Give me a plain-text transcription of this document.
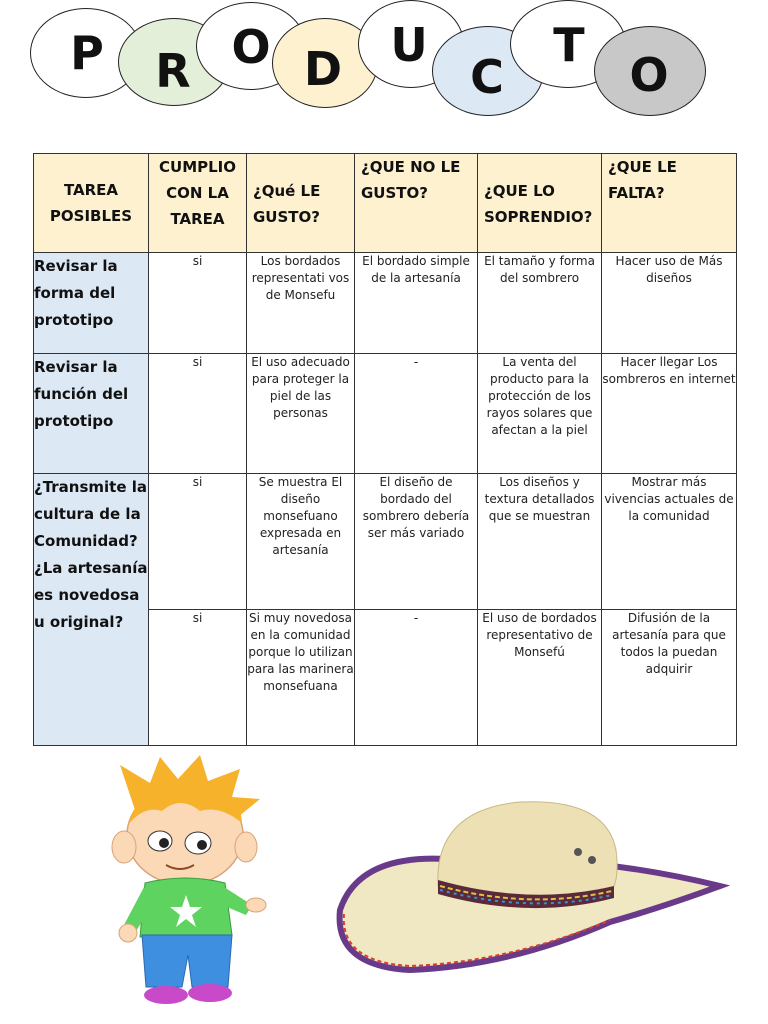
P R O D U
C
T
O
TAREA POSIBLES	CUMPLIO CON LA TAREA	¿Qué LE GUSTO?	¿QUE NO LE GUSTO?	¿QUE LO SOPRENDIO?	¿QUE LE FALTA?

Revisar la forma del prototipo	si	Los bordados representati vos de Monsefu	El bordado simple de la artesanía	El tamaño y forma del sombrero	Hacer uso de Más diseños
Revisar la función del prototipo	si	El uso adecuado para proteger la piel de las personas	-	La venta del producto para la protección de los rayos solares que afectan a la piel	Hacer llegar Los sombreros en internet
¿Transmite la cultura de la Comunidad? ¿La artesanía es novedosa u original?	si	Se muestra El diseño monsefuano expresada en artesanía	El diseño de bordado del sombrero debería ser más variado	Los diseños y textura detallados que se muestran	Mostrar más vivencias actuales de la comunidad
	si	Si muy novedosa en la comunidad porque lo utilizan para las marinera monsefuana	-	El uso de bordados representativo de Monsefú	Difusión de la artesanía para que todos la puedan adquirir
